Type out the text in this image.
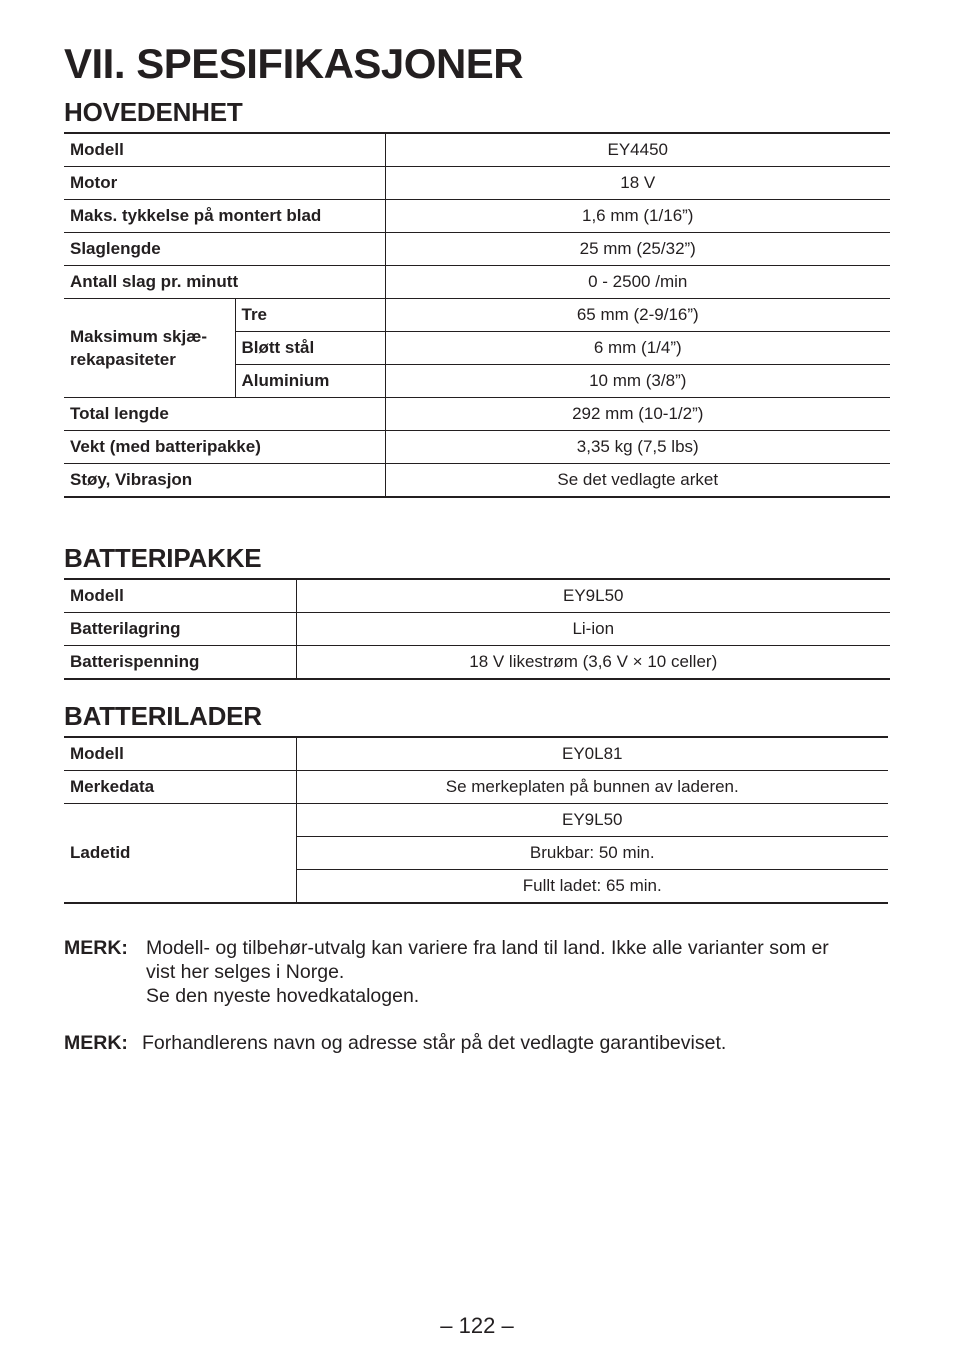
VII. SPESIFIKASJONER
HOVEDENHET
Modell		EY4450
Motor		18 V
Maks. tykkelse på montert blad		1,6 mm (1/16”)
Slaglengde		25 mm (25/32”)
Antall slag pr. minutt		0 - 2500 /min
Maksimum skjæ-rekapasiteter	Tre	65 mm (2-9/16”)
	Bløtt stål	6 mm (1/4”)
	Aluminium	10 mm (3/8”)
Total lengde		292 mm (10-1/2”)
Vekt (med batteripakke)		3,35 kg (7,5 lbs)
Støy, Vibrasjon		Se det vedlagte arket
BATTERIPAKKE
Modell	EY9L50
Batterilagring	Li-ion
Batterispenning	18 V likestrøm (3,6 V × 10 celler)
BATTERILADER
Modell	EY0L81
Merkedata	Se merkeplaten på bunnen av laderen.
Ladetid	EY9L50
	Brukbar: 50 min.
	Fullt ladet: 65 min.
MERK: Modell- og tilbehør-utvalg kan variere fra land til land. Ikke alle varianter som er
vist her selges i Norge.
Se den nyeste hovedkatalogen.
MERK: Forhandlerens navn og adresse står på det vedlagte garantibeviset.
– 122 –
